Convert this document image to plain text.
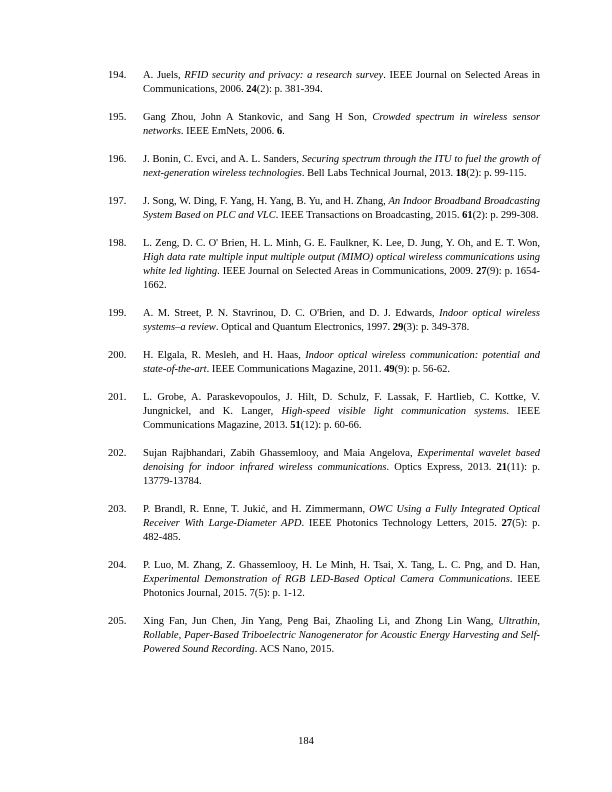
194. A. Juels, RFID security and privacy: a research survey. IEEE Journal on Selected Areas in Communications, 2006. 24(2): p. 381-394.
195. Gang Zhou, John A Stankovic, and Sang H Son, Crowded spectrum in wireless sensor networks. IEEE EmNets, 2006. 6.
196. J. Bonin, C. Evci, and A. L. Sanders, Securing spectrum through the ITU to fuel the growth of next-generation wireless technologies. Bell Labs Technical Journal, 2013. 18(2): p. 99-115.
197. J. Song, W. Ding, F. Yang, H. Yang, B. Yu, and H. Zhang, An Indoor Broadband Broadcasting System Based on PLC and VLC. IEEE Transactions on Broadcasting, 2015. 61(2): p. 299-308.
198. L. Zeng, D. C. O' Brien, H. L. Minh, G. E. Faulkner, K. Lee, D. Jung, Y. Oh, and E. T. Won, High data rate multiple input multiple output (MIMO) optical wireless communications using white led lighting. IEEE Journal on Selected Areas in Communications, 2009. 27(9): p. 1654-1662.
199. A. M. Street, P. N. Stavrinou, D. C. O'Brien, and D. J. Edwards, Indoor optical wireless systems–a review. Optical and Quantum Electronics, 1997. 29(3): p. 349-378.
200. H. Elgala, R. Mesleh, and H. Haas, Indoor optical wireless communication: potential and state-of-the-art. IEEE Communications Magazine, 2011. 49(9): p. 56-62.
201. L. Grobe, A. Paraskevopoulos, J. Hilt, D. Schulz, F. Lassak, F. Hartlieb, C. Kottke, V. Jungnickel, and K. Langer, High-speed visible light communication systems. IEEE Communications Magazine, 2013. 51(12): p. 60-66.
202. Sujan Rajbhandari, Zabih Ghassemlooy, and Maia Angelova, Experimental wavelet based denoising for indoor infrared wireless communications. Optics Express, 2013. 21(11): p. 13779-13784.
203. P. Brandl, R. Enne, T. Jukić, and H. Zimmermann, OWC Using a Fully Integrated Optical Receiver With Large-Diameter APD. IEEE Photonics Technology Letters, 2015. 27(5): p. 482-485.
204. P. Luo, M. Zhang, Z. Ghassemlooy, H. Le Minh, H. Tsai, X. Tang, L. C. Png, and D. Han, Experimental Demonstration of RGB LED-Based Optical Camera Communications. IEEE Photonics Journal, 2015. 7(5): p. 1-12.
205. Xing Fan, Jun Chen, Jin Yang, Peng Bai, Zhaoling Li, and Zhong Lin Wang, Ultrathin, Rollable, Paper-Based Triboelectric Nanogenerator for Acoustic Energy Harvesting and Self-Powered Sound Recording. ACS Nano, 2015.
184
